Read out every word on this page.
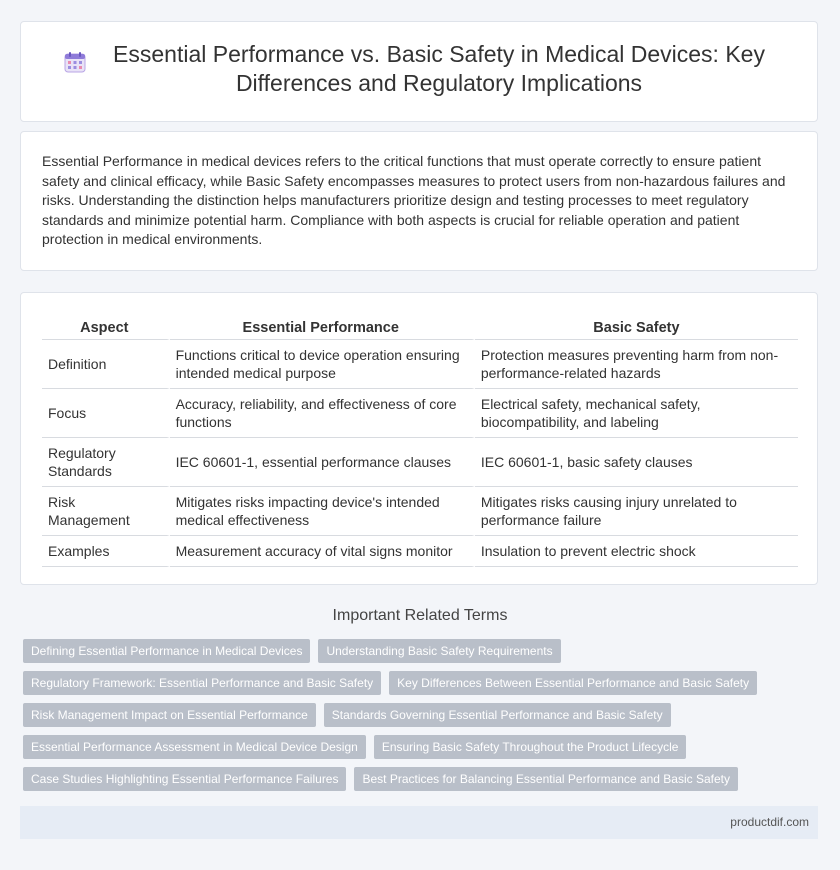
Essential Performance vs. Basic Safety in Medical Devices: Key Differences and Regulatory Implications

Essential Performance in medical devices refers to the critical functions that must operate correctly to ensure patient safety and clinical efficacy, while Basic Safety encompasses measures to protect users from non-hazardous failures and risks. Understanding the distinction helps manufacturers prioritize design and testing processes to meet regulatory standards and minimize potential harm. Compliance with both aspects is crucial for reliable operation and patient protection in medical environments.

Aspect	Essential Performance	Basic Safety
Definition	Functions critical to device operation ensuring intended medical purpose	Protection measures preventing harm from non-performance-related hazards
Focus	Accuracy, reliability, and effectiveness of core functions	Electrical safety, mechanical safety, biocompatibility, and labeling
Regulatory Standards	IEC 60601-1, essential performance clauses	IEC 60601-1, basic safety clauses
Risk Management	Mitigates risks impacting device's intended medical effectiveness	Mitigates risks causing injury unrelated to performance failure
Examples	Measurement accuracy of vital signs monitor	Insulation to prevent electric shock
Important Related Terms
Defining Essential Performance in Medical Devices	Understanding Basic Safety Requirements
Regulatory Framework: Essential Performance and Basic Safety	Key Differences Between Essential Performance and Basic Safety
Risk Management Impact on Essential Performance	Standards Governing Essential Performance and Basic Safety
Essential Performance Assessment in Medical Device Design	Ensuring Basic Safety Throughout the Product Lifecycle
Case Studies Highlighting Essential Performance Failures	Best Practices for Balancing Essential Performance and Basic Safety
productdif.com
